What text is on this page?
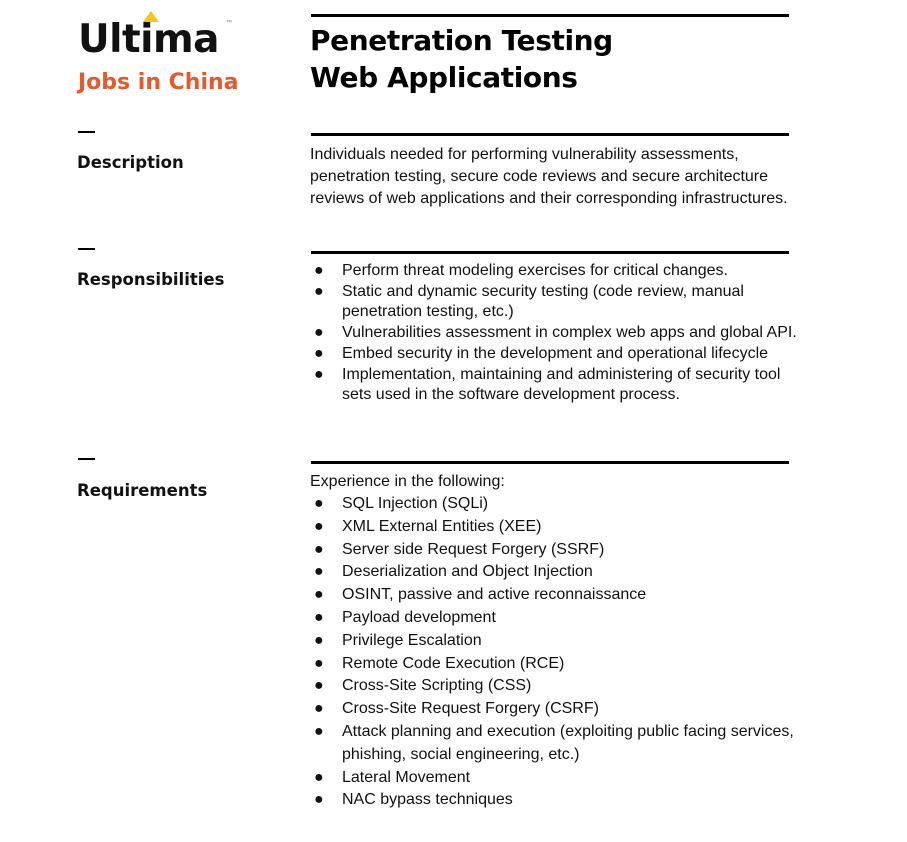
Ultima ™
Jobs in China
Penetration Testing
Web Applications
Description	Individuals needed for performing vulnerability assessments, penetration testing, secure code reviews and secure architecture reviews of web applications and their corresponding infrastructures.
Responsibilities	● Perform threat modeling exercises for critical changes.
● Static and dynamic security testing (code review, manual penetration testing, etc.)
● Vulnerabilities assessment in complex web apps and global API.
● Embed security in the development and operational lifecycle
● Implementation, maintaining and administering of security tool sets used in the software development process.
Requirements	Experience in the following:
● SQL Injection (SQLi)
● XML External Entities (XEE)
● Server side Request Forgery (SSRF)
● Deserialization and Object Injection
● OSINT, passive and active reconnaissance
● Payload development
● Privilege Escalation
● Remote Code Execution (RCE)
● Cross-Site Scripting (CSS)
● Cross-Site Request Forgery (CSRF)
● Attack planning and execution (exploiting public facing services, phishing, social engineering, etc.)
● Lateral Movement
● NAC bypass techniques
